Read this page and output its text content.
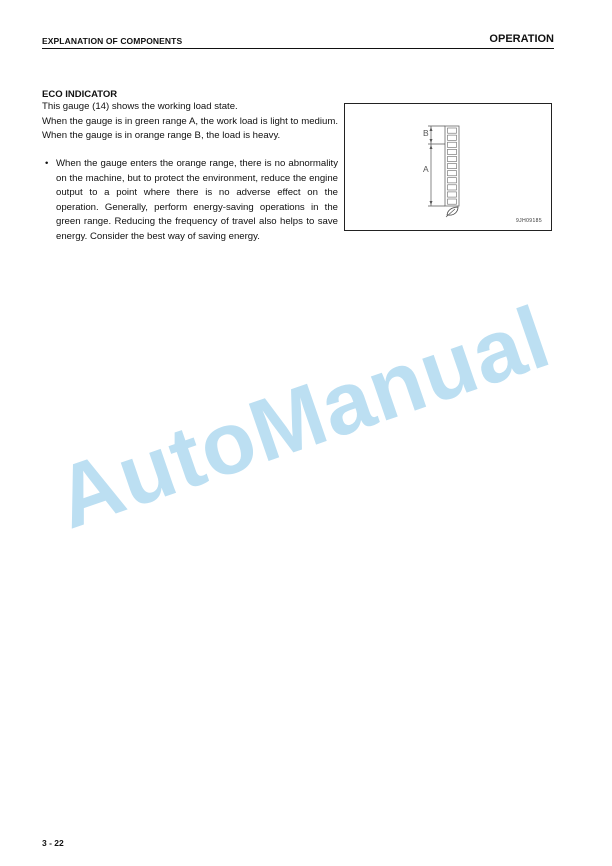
EXPLANATION OF COMPONENTS	OPERATION
ECO INDICATOR

This gauge (14) shows the working load state.

When the gauge is in green range A, the work load is light to medium. When the gauge is in orange range B, the load is heavy.

• When the gauge enters the orange range, there is no abnormality on the machine, but to protect the environment, reduce the engine output to a point where there is no adverse effect on the operation. Generally, perform energy-saving operations in the green range. Reducing the frequency of travel also helps to save energy. Consider the best way of saving energy.
B
A
9JH09185
AutoManual
3 - 22
